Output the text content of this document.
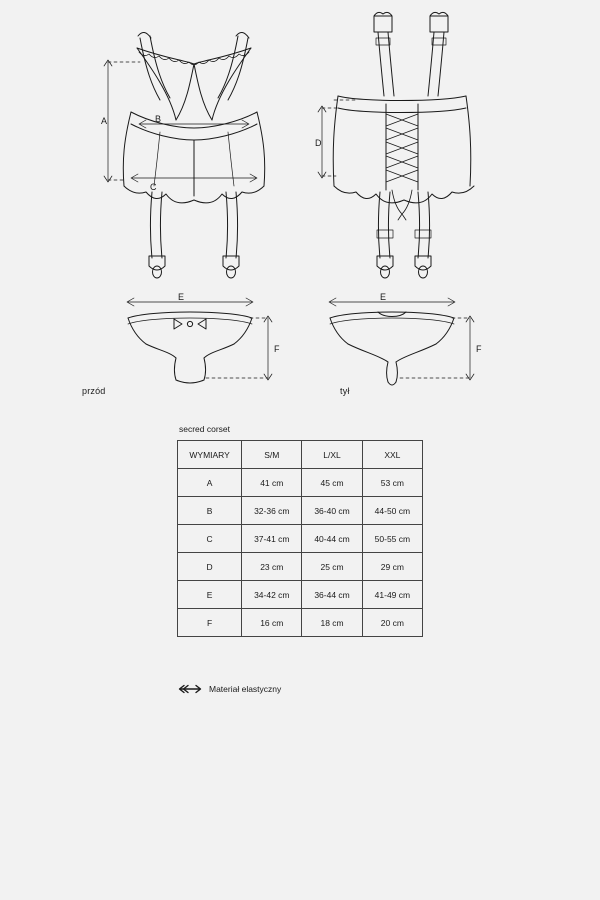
A	B
C
D
E
F
E
F
przód	tył
secred corset
WYMIARY	S/M	L/XL	XXL
A	41 cm	45 cm	53 cm
B	32-36 cm	36-40 cm	44-50 cm
C	37-41 cm	40-44 cm	50-55 cm
D	23 cm	25 cm	29 cm
E	34-42 cm	36-44 cm	41-49 cm
F	16 cm	18 cm	20 cm
Materiał elastyczny
